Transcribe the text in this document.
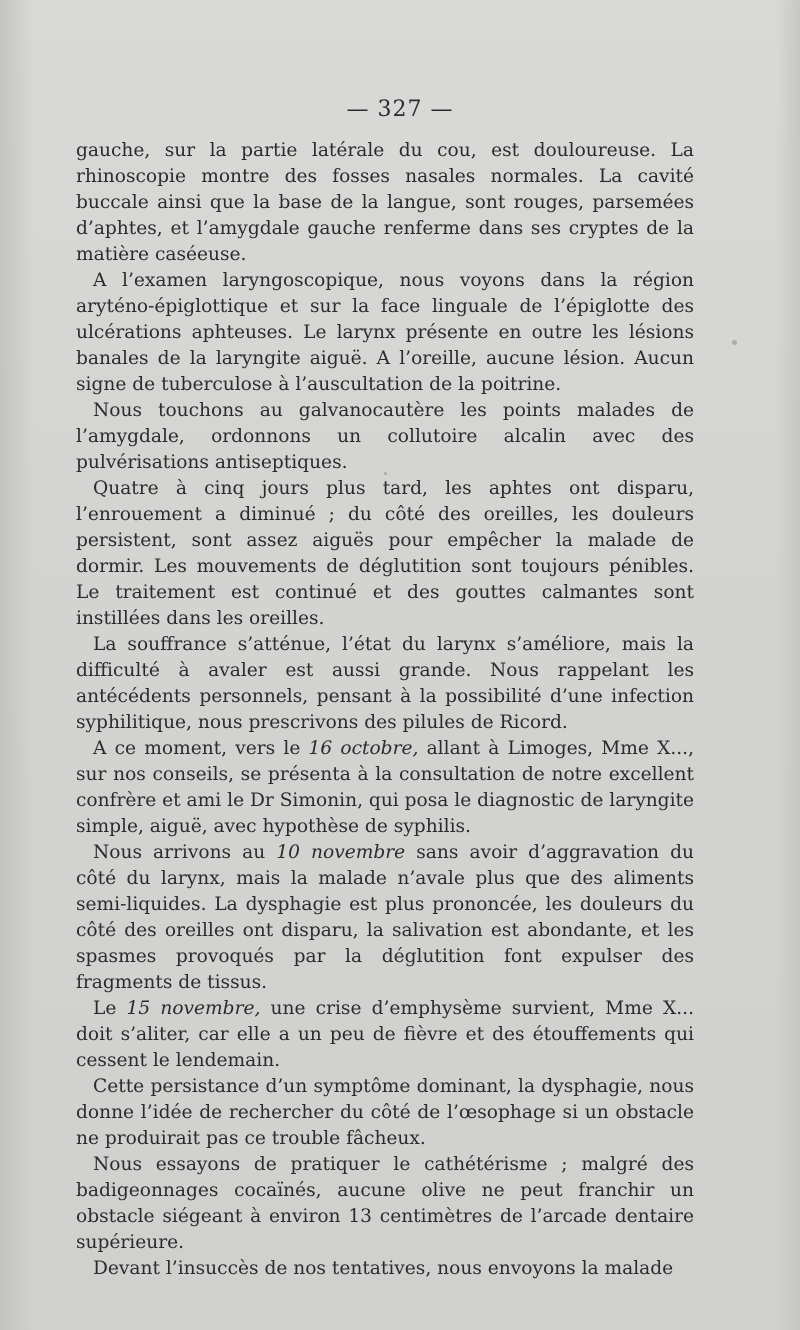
— 327 —

gauche, sur la partie latérale du cou, est douloureuse. La rhinoscopie montre des fosses nasales normales. La cavité buccale ainsi que la base de la langue, sont rouges, parsemées d’aphtes, et l’amygdale gauche renferme dans ses cryptes de la matière caséeuse.

A l’examen laryngoscopique, nous voyons dans la région aryténo-épiglottique et sur la face linguale de l’épiglotte des ulcérations aphteuses. Le larynx présente en outre les lésions banales de la laryngite aiguë. A l’oreille, aucune lésion. Aucun signe de tuberculose à l’auscultation de la poitrine.

Nous touchons au galvanocautère les points malades de l’amygdale, ordonnons un collutoire alcalin avec des pulvérisations antiseptiques.

Quatre à cinq jours plus tard, les aphtes ont disparu, l’enrouement a diminué ; du côté des oreilles, les douleurs persistent, sont assez aiguës pour empêcher la malade de dormir. Les mouvements de déglutition sont toujours pénibles. Le traitement est continué et des gouttes calmantes sont instillées dans les oreilles.

La souffrance s’atténue, l’état du larynx s’améliore, mais la difficulté à avaler est aussi grande. Nous rappelant les antécédents personnels, pensant à la possibilité d’une infection syphilitique, nous prescrivons des pilules de Ricord.

A ce moment, vers le 16 octobre, allant à Limoges, Mme X..., sur nos conseils, se présenta à la consultation de notre excellent confrère et ami le Dr Simonin, qui posa le diagnostic de laryngite simple, aiguë, avec hypothèse de syphilis.

Nous arrivons au 10 novembre sans avoir d’aggravation du côté du larynx, mais la malade n’avale plus que des aliments semi-liquides. La dysphagie est plus prononcée, les douleurs du côté des oreilles ont disparu, la salivation est abondante, et les spasmes provoqués par la déglutition font expulser des fragments de tissus.

Le 15 novembre, une crise d’emphysème survient, Mme X... doit s’aliter, car elle a un peu de fièvre et des étouffements qui cessent le lendemain.

Cette persistance d’un symptôme dominant, la dysphagie, nous donne l’idée de rechercher du côté de l’œsophage si un obstacle ne produirait pas ce trouble fâcheux.

Nous essayons de pratiquer le cathétérisme ; malgré des badigeonnages cocaïnés, aucune olive ne peut franchir un obstacle siégeant à environ 13 centimètres de l’arcade dentaire supérieure.

Devant l’insuccès de nos tentatives, nous envoyons la malade
